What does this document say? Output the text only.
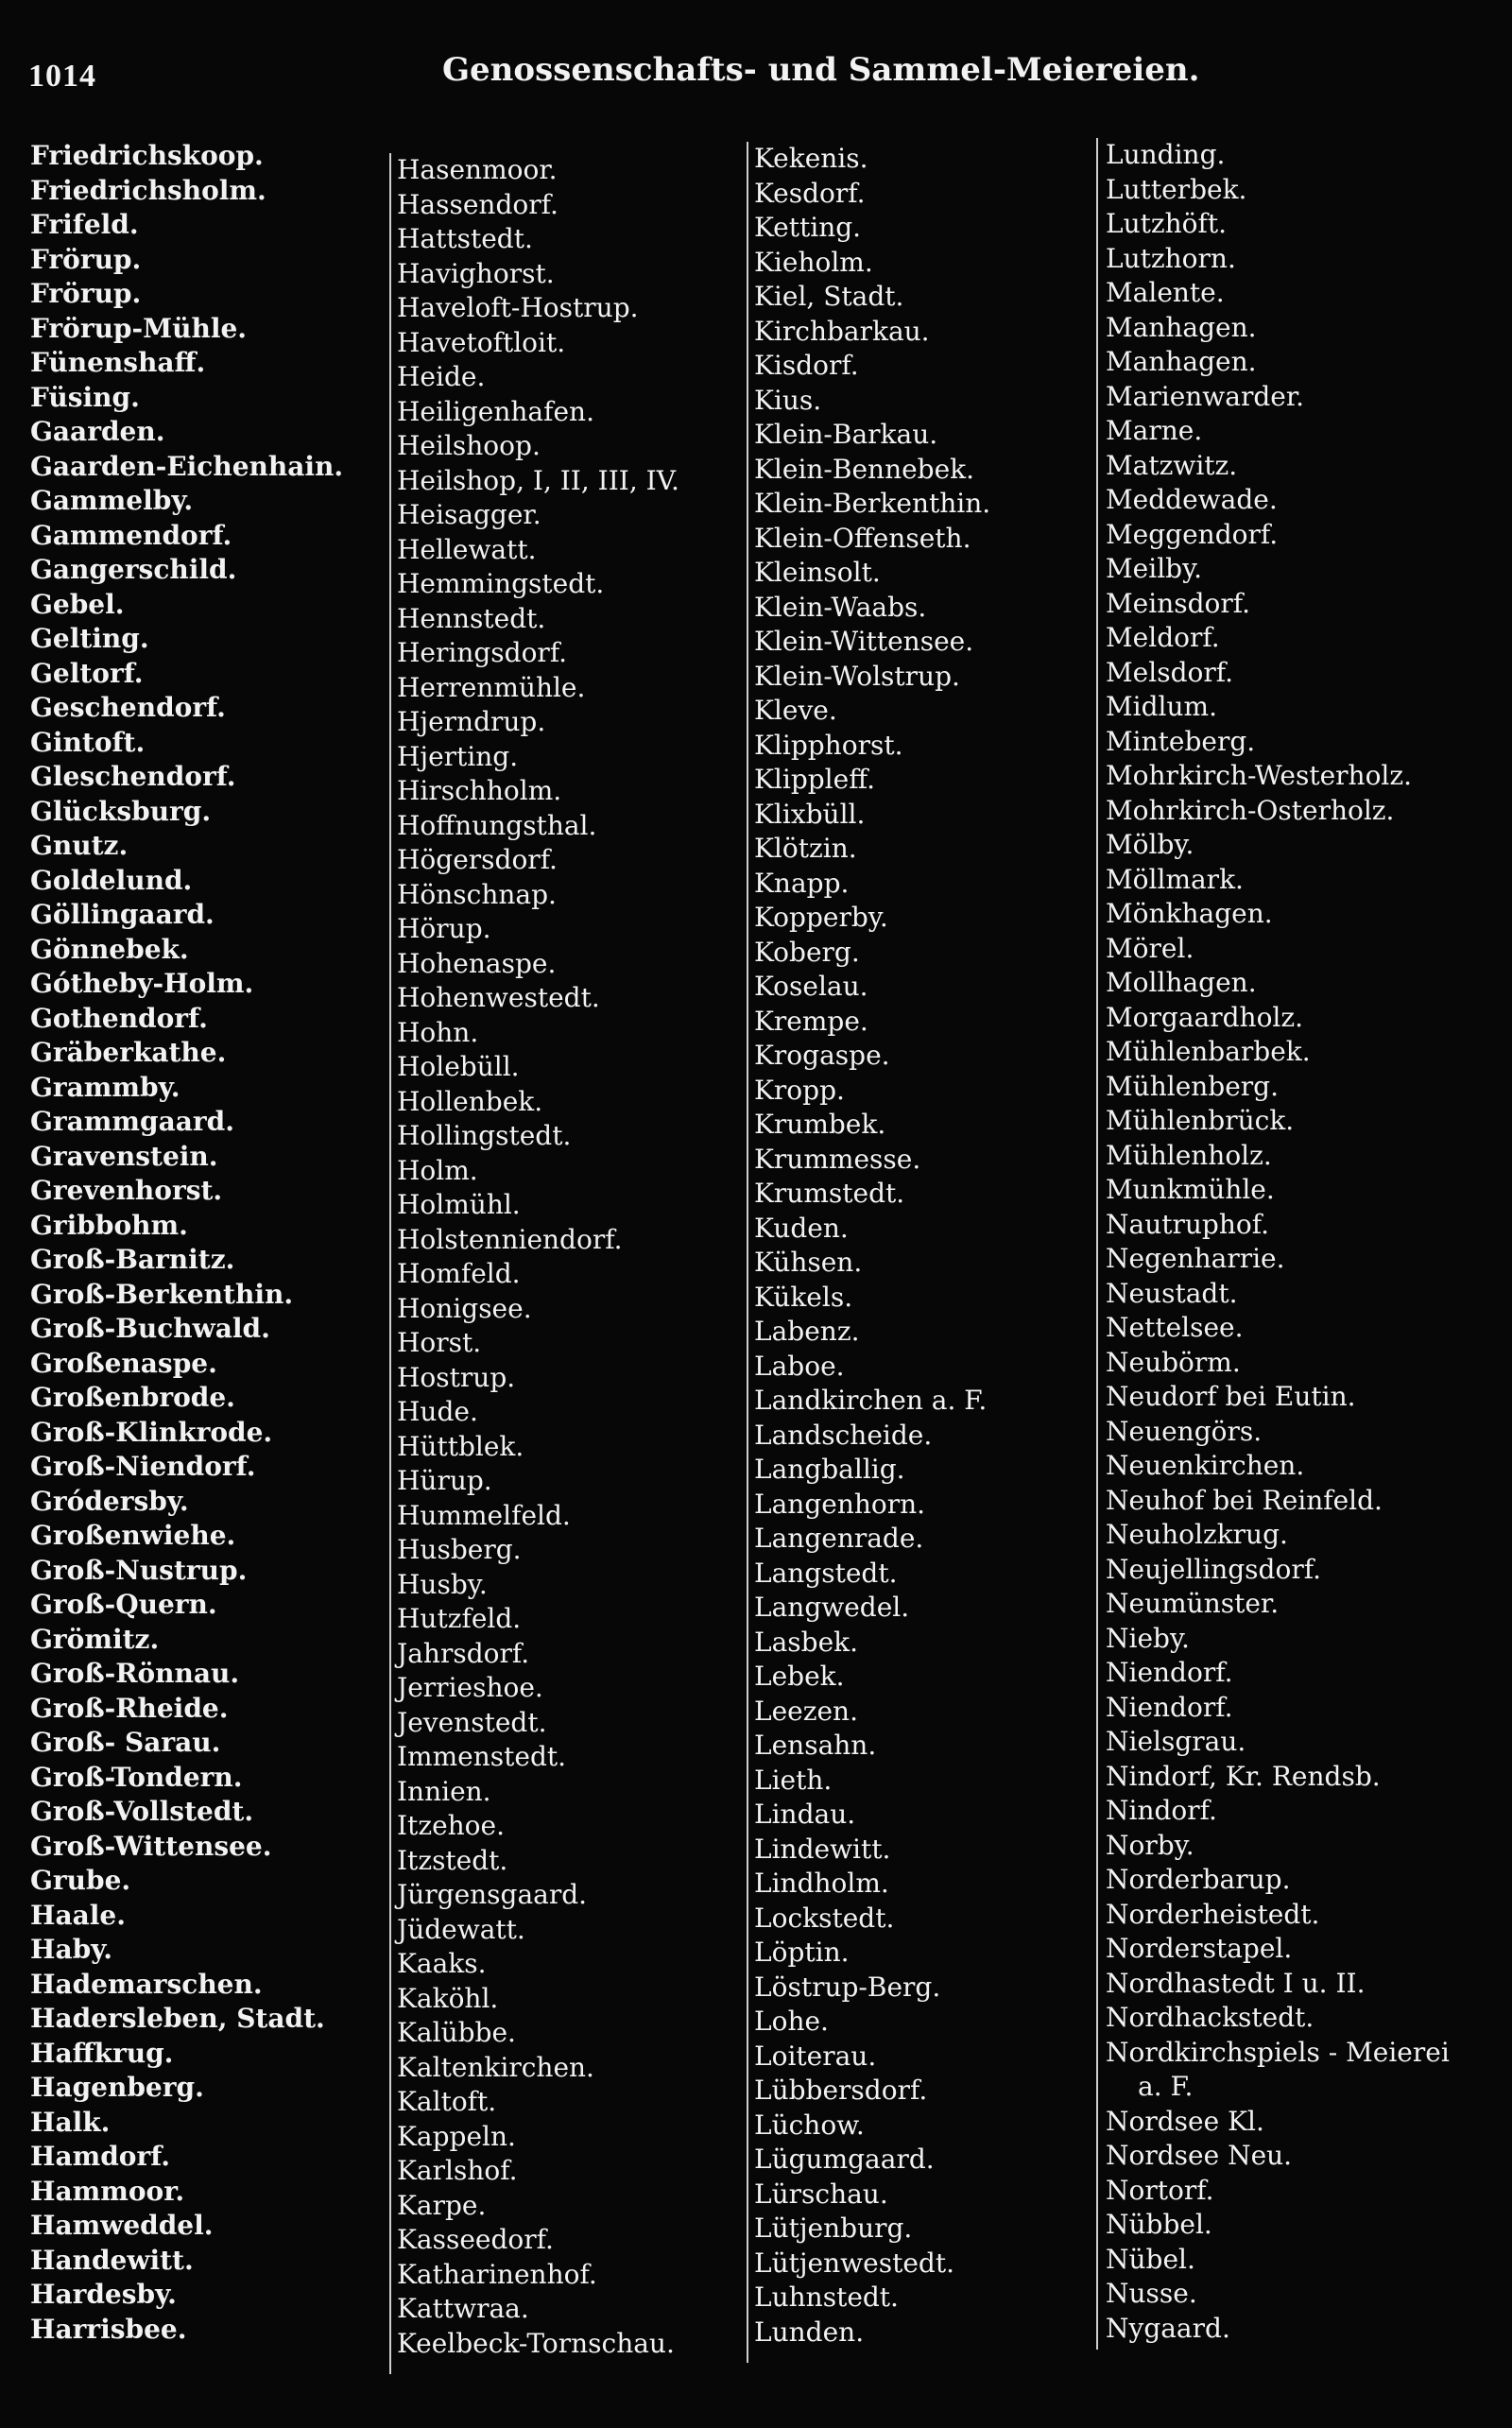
1014	Genossenschafts- und Sammel-Meiereien.
Friedrichskoop.
Friedrichsholm.
Frifeld.
Frörup.
Frörup.
Frörup-Mühle.
Fünenshaff.
Füsing.
Gaarden.
Gaarden-Eichenhain.
Gammelby.
Gammendorf.
Gangerschild.
Gebel.
Gelting.
Geltorf.
Geschendorf.
Gintoft.
Gleschendorf.
Glücksburg.
Gnutz.
Goldelund.
Göllingaard.
Gönnebek.
Gótheby-Holm.
Gothendorf.
Gräberkathe.
Grammby.
Grammgaard.
Gravenstein.
Grevenhorst.
Gribbohm.
Groß-Barnitz.
Groß-Berkenthin.
Groß-Buchwald.
Großenaspe.
Großenbrode.
Groß-Klinkrode.
Groß-Niendorf.
Gródersby.
Großenwiehe.
Groß-Nustrup.
Groß-Quern.
Grömitz.
Groß-Rönnau.
Groß-Rheide.
Groß- Sarau.
Groß-Tondern.
Groß-Vollstedt.
Groß-Wittensee.
Grube.
Haale.
Haby.
Hademarschen.
Hadersleben, Stadt.
Haffkrug.
Hagenberg.
Halk.
Hamdorf.
Hammoor.
Hamweddel.
Handewitt.
Hardesby.
Harrisbee.
Hasenmoor.
Hassendorf.
Hattstedt.
Havighorst.
Haveloft-Hostrup.
Havetoftloit.
Heide.
Heiligenhafen.
Heilshoop.
Heilshop, I, II, III, IV.
Heisagger.
Hellewatt.
Hemmingstedt.
Hennstedt.
Heringsdorf.
Herrenmühle.
Hjerndrup.
Hjerting.
Hirschholm.
Hoffnungsthal.
Högersdorf.
Hönschnap.
Hörup.
Hohenaspe.
Hohenwestedt.
Hohn.
Holebüll.
Hollenbek.
Hollingstedt.
Holm.
Holmühl.
Holstenniendorf.
Homfeld.
Honigsee.
Horst.
Hostrup.
Hude.
Hüttblek.
Hürup.
Hummelfeld.
Husberg.
Husby.
Hutzfeld.
Jahrsdorf.
Jerrieshoe.
Jevenstedt.
Immenstedt.
Innien.
Itzehoe.
Itzstedt.
Jürgensgaard.
Jüdewatt.
Kaaks.
Kaköhl.
Kalübbe.
Kaltenkirchen.
Kaltoft.
Kappeln.
Karlshof.
Karpe.
Kasseedorf.
Katharinenhof.
Kattwraa.
Keelbeck-Tornschau.
Kekenis.
Kesdorf.
Ketting.
Kieholm.
Kiel, Stadt.
Kirchbarkau.
Kisdorf.
Kius.
Klein-Barkau.
Klein-Bennebek.
Klein-Berkenthin.
Klein-Offenseth.
Kleinsolt.
Klein-Waabs.
Klein-Wittensee.
Klein-Wolstrup.
Kleve.
Klipphorst.
Klippleff.
Klixbüll.
Klötzin.
Knapp.
Kopperby.
Koberg.
Koselau.
Krempe.
Krogaspe.
Kropp.
Krumbek.
Krummesse.
Krumstedt.
Kuden.
Kühsen.
Kükels.
Labenz.
Laboe.
Landkirchen a. F.
Landscheide.
Langballig.
Langenhorn.
Langenrade.
Langstedt.
Langwedel.
Lasbek.
Lebek.
Leezen.
Lensahn.
Lieth.
Lindau.
Lindewitt.
Lindholm.
Lockstedt.
Löptin.
Löstrup-Berg.
Lohe.
Loiterau.
Lübbersdorf.
Lüchow.
Lügumgaard.
Lürschau.
Lütjenburg.
Lütjenwestedt.
Luhnstedt.
Lunden.
Lunding.
Lutterbek.
Lutzhöft.
Lutzhorn.
Malente.
Manhagen.
Manhagen.
Marienwarder.
Marne.
Matzwitz.
Meddewade.
Meggendorf.
Meilby.
Meinsdorf.
Meldorf.
Melsdorf.
Midlum.
Minteberg.
Mohrkirch-Westerholz.
Mohrkirch-Osterholz.
Mölby.
Möllmark.
Mönkhagen.
Mörel.
Mollhagen.
Morgaardholz.
Mühlenbarbek.
Mühlenberg.
Mühlenbrück.
Mühlenholz.
Munkmühle.
Nautruphof.
Negenharrie.
Neustadt.
Nettelsee.
Neubörm.
Neudorf bei Eutin.
Neuengörs.
Neuenkirchen.
Neuhof bei Reinfeld.
Neuholzkrug.
Neujellingsdorf.
Neumünster.
Nieby.
Niendorf.
Niendorf.
Nielsgrau.
Nindorf, Kr. Rendsb.
Nindorf.
Norby.
Norderbarup.
Norderheistedt.
Norderstapel.
Nordhastedt I u. II.
Nordhackstedt.
Nordkirchspiels - Meierei
a. F.
Nordsee Kl.
Nordsee Neu.
Nortorf.
Nübbel.
Nübel.
Nusse.
Nygaard.
